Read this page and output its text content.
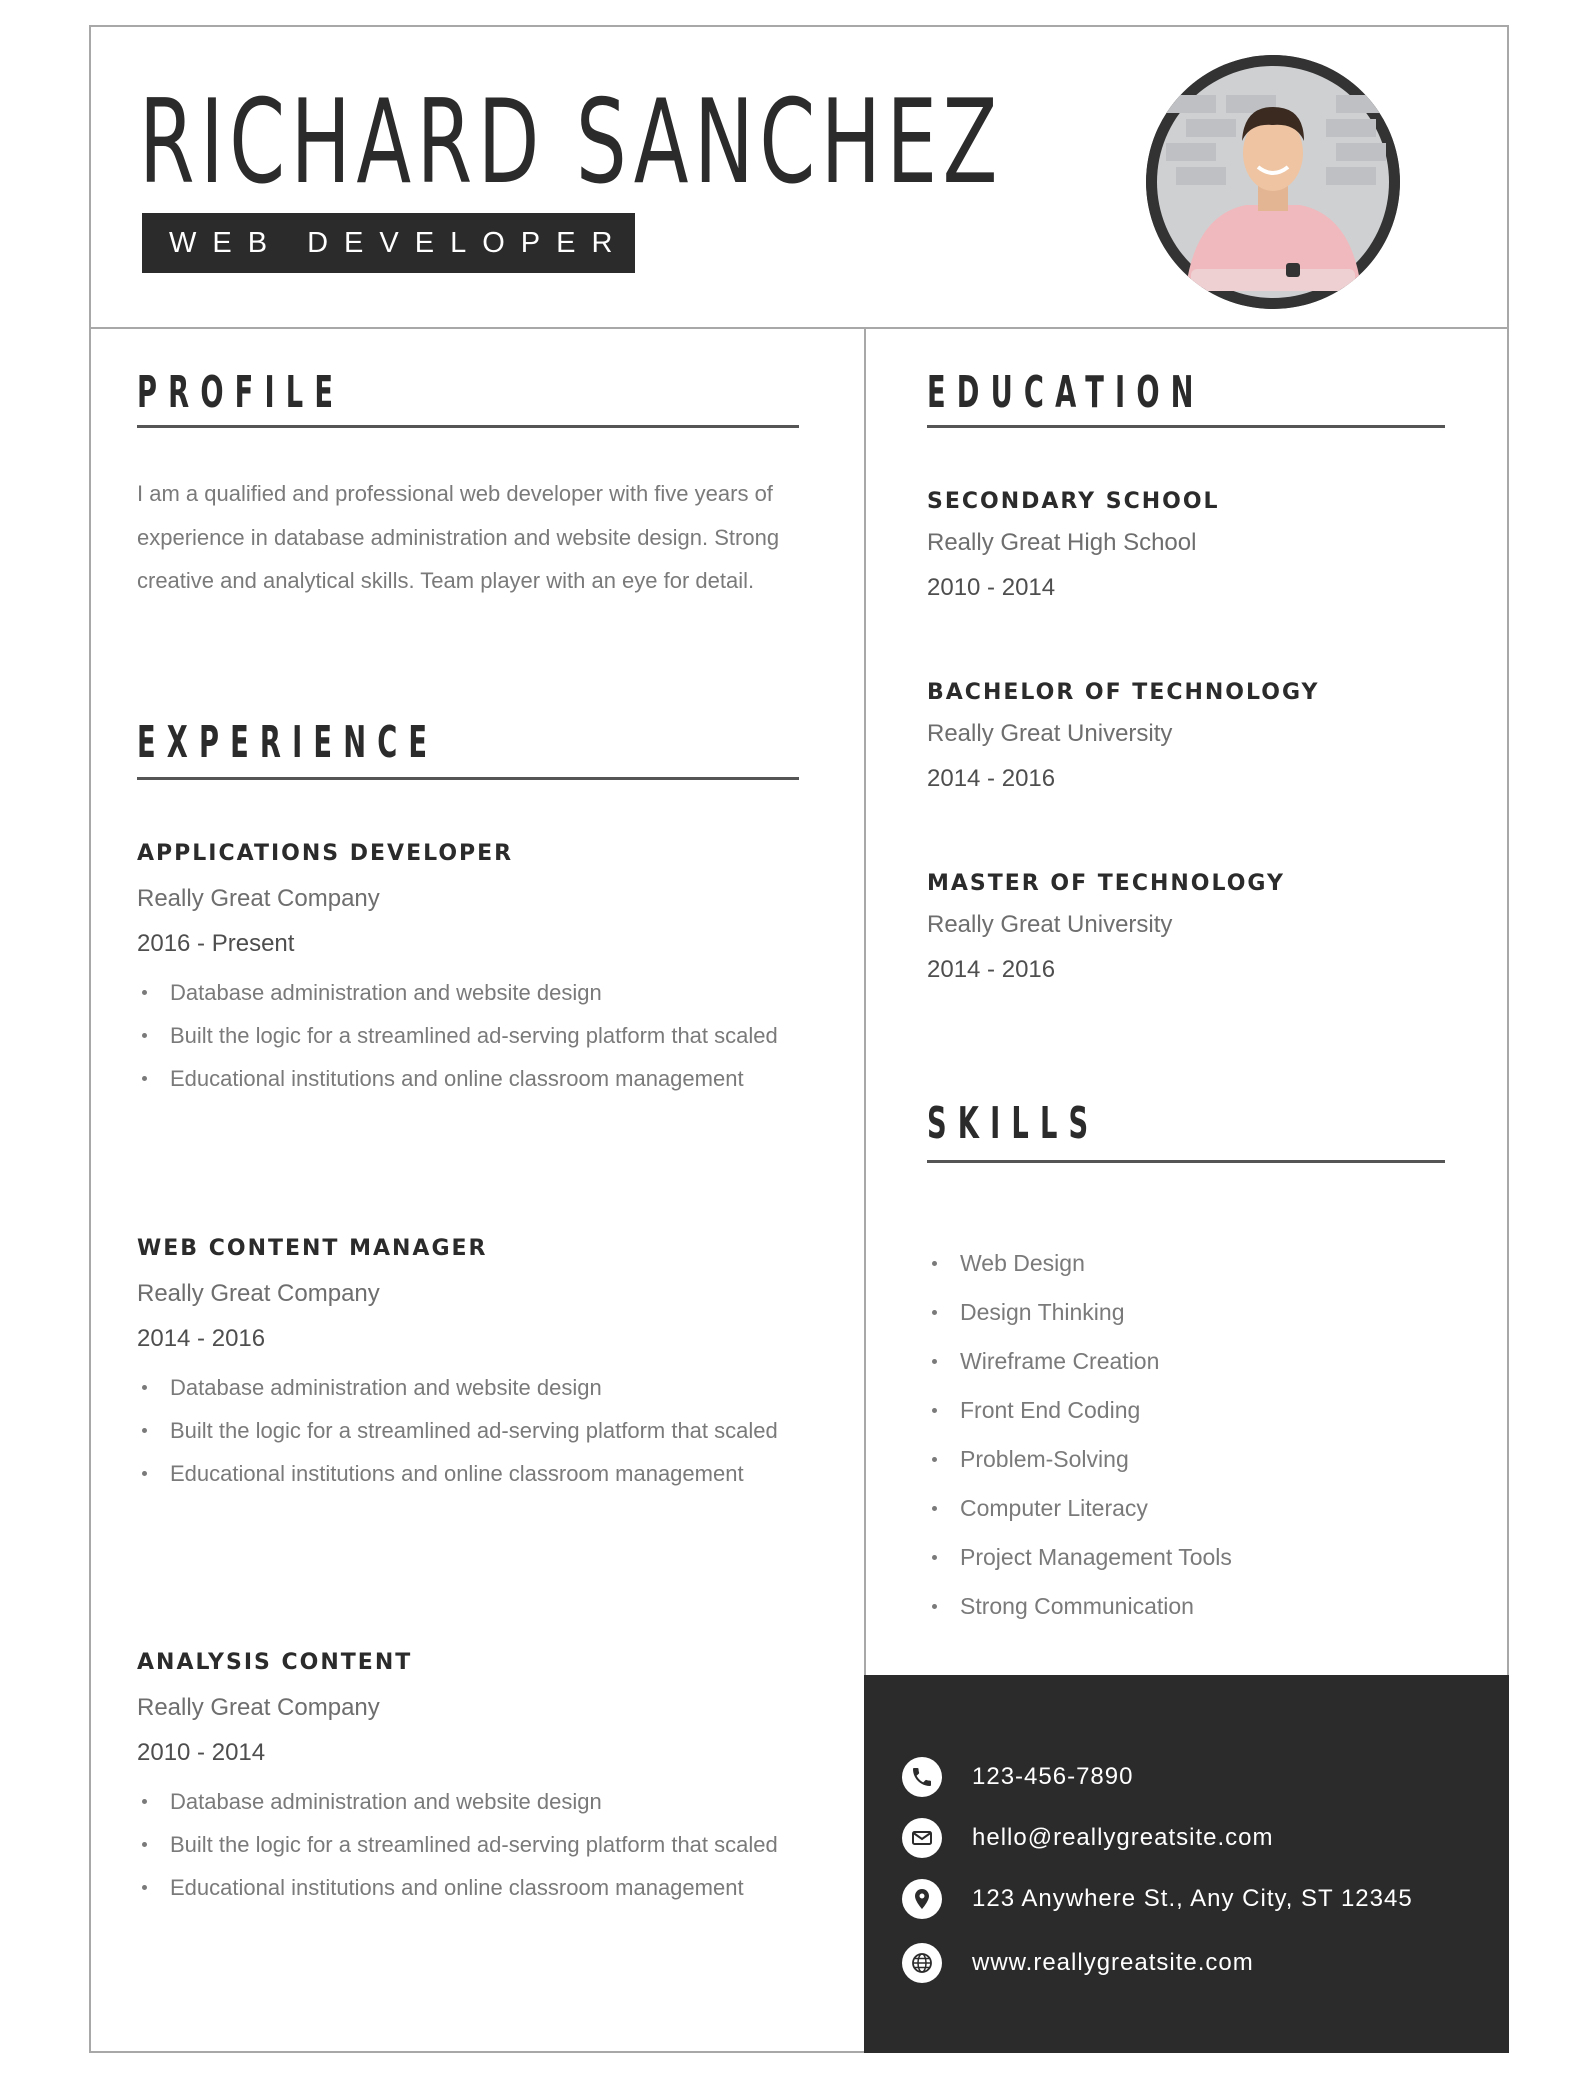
RICHARD SANCHEZ
WEB DEVELOPER
PROFILE

I am a qualified and professional web developer with five years of experience in database administration and website design. Strong creative and analytical skills. Team player with an eye for detail.

EXPERIENCE

APPLICATIONS DEVELOPER

Really Great Company

2016 - Present

Database administration and website design
Built the logic for a streamlined ad-serving platform that scaled
Educational institutions and online classroom management

WEB CONTENT MANAGER

Really Great Company

2014 - 2016

Database administration and website design
Built the logic for a streamlined ad-serving platform that scaled
Educational institutions and online classroom management

ANALYSIS CONTENT

Really Great Company

2010 - 2014

Database administration and website design
Built the logic for a streamlined ad-serving platform that scaled
Educational institutions and online classroom management
EDUCATION

SECONDARY SCHOOL

Really Great High School

2010 - 2014

BACHELOR OF TECHNOLOGY

Really Great University

2014 - 2016

MASTER OF TECHNOLOGY

Really Great University

2014 - 2016

SKILLS
Web Design
Design Thinking
Wireframe Creation
Front End Coding
Problem-Solving
Computer Literacy
Project Management Tools
Strong Communication
123-456-7890
hello@reallygreatsite.com
123 Anywhere St., Any City, ST 12345
www.reallygreatsite.com
